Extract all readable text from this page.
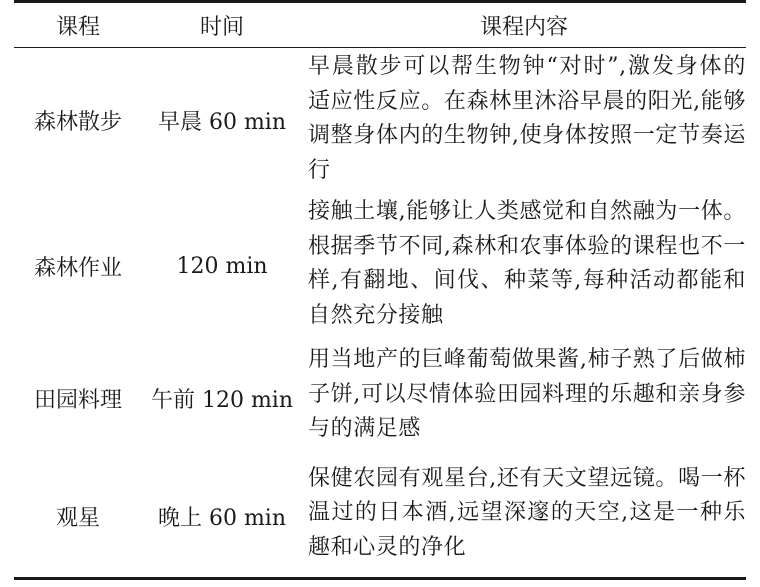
课程	时间	课程内容
森林散步	早晨 60 min	早晨散步可以帮生物钟“对时”,激发身体的适应性反应。在森林里沐浴早晨的阳光,能够调整身体内的生物钟,使身体按照一定节奏运行
森林作业	120 min	接触土壤,能够让人类感觉和自然融为一体。根据季节不同,森林和农事体验的课程也不一样,有翻地、间伐、种菜等,每种活动都能和自然充分接触
田园料理	午前 120 min	用当地产的巨峰葡萄做果酱,柿子熟了后做柿子饼,可以尽情体验田园料理的乐趣和亲身参与的满足感
观星	晚上 60 min	保健农园有观星台,还有天文望远镜。喝一杯温过的日本酒,远望深邃的天空,这是一种乐趣和心灵的净化
